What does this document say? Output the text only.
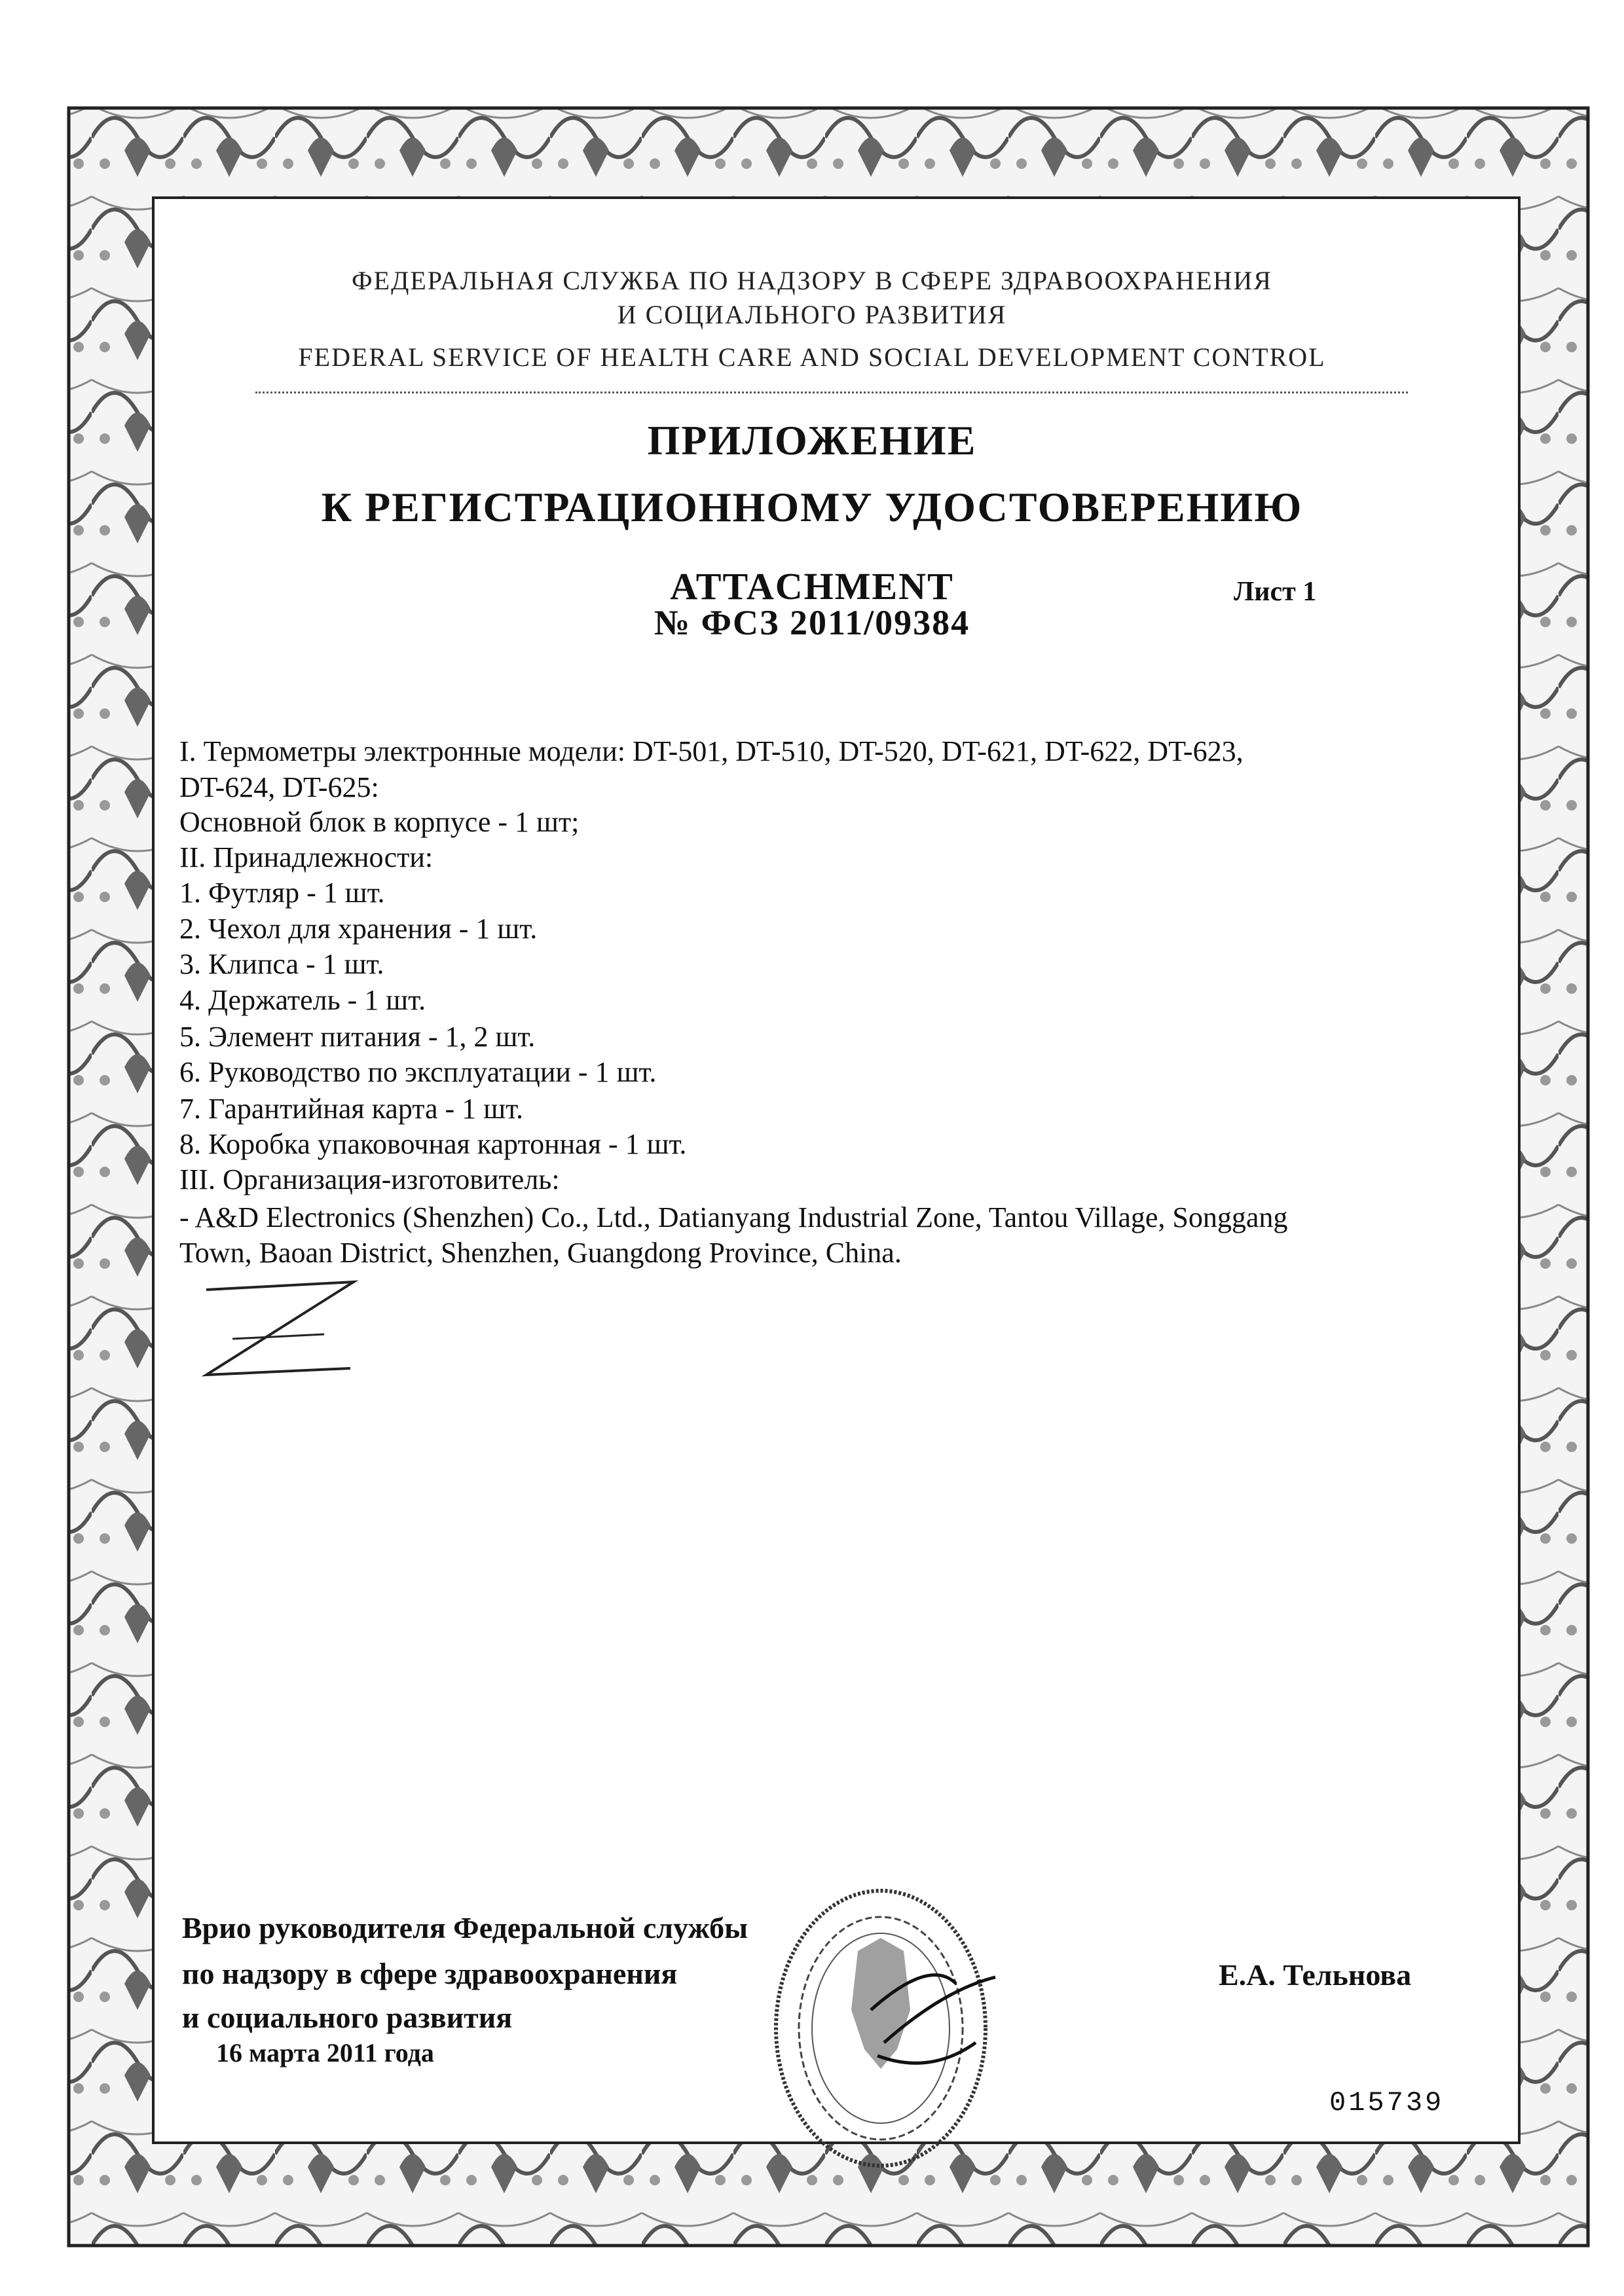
ФЕДЕРАЛЬНАЯ СЛУЖБА ПО НАДЗОРУ В СФЕРЕ ЗДРАВООХРАНЕНИЯ
И СОЦИАЛЬНОГО РАЗВИТИЯ
FEDERAL SERVICE OF HEALTH CARE AND SOCIAL DEVELOPMENT CONTROL
ПРИЛОЖЕНИЕ
К РЕГИСТРАЦИОННОМУ УДОСТОВЕРЕНИЮ
ATTACHMENT
№ ФСЗ 2011/09384
Лист 1
I. Термометры электронные модели: DT-501, DT-510, DT-520, DT-621, DT-622, DT-623,
DT-624, DT-625:
Основной блок в корпусе - 1 шт;
II. Принадлежности:
1. Футляр - 1 шт.
2. Чехол для хранения - 1 шт.
3. Клипса - 1 шт.
4. Держатель - 1 шт.
5. Элемент питания - 1, 2 шт.
6. Руководство по эксплуатации - 1 шт.
7. Гарантийная карта - 1 шт.
8. Коробка упаковочная картонная - 1 шт.
III. Организация-изготовитель:
- A&D Electronics (Shenzhen) Co., Ltd., Datianyang Industrial Zone, Tantou Village, Songgang
Town, Baoan District, Shenzhen, Guangdong Province, China.
Врио руководителя Федеральной службы
по надзору в сфере здравоохранения
и социального развития
16 марта 2011 года
Е.А. Тельнова
015739
